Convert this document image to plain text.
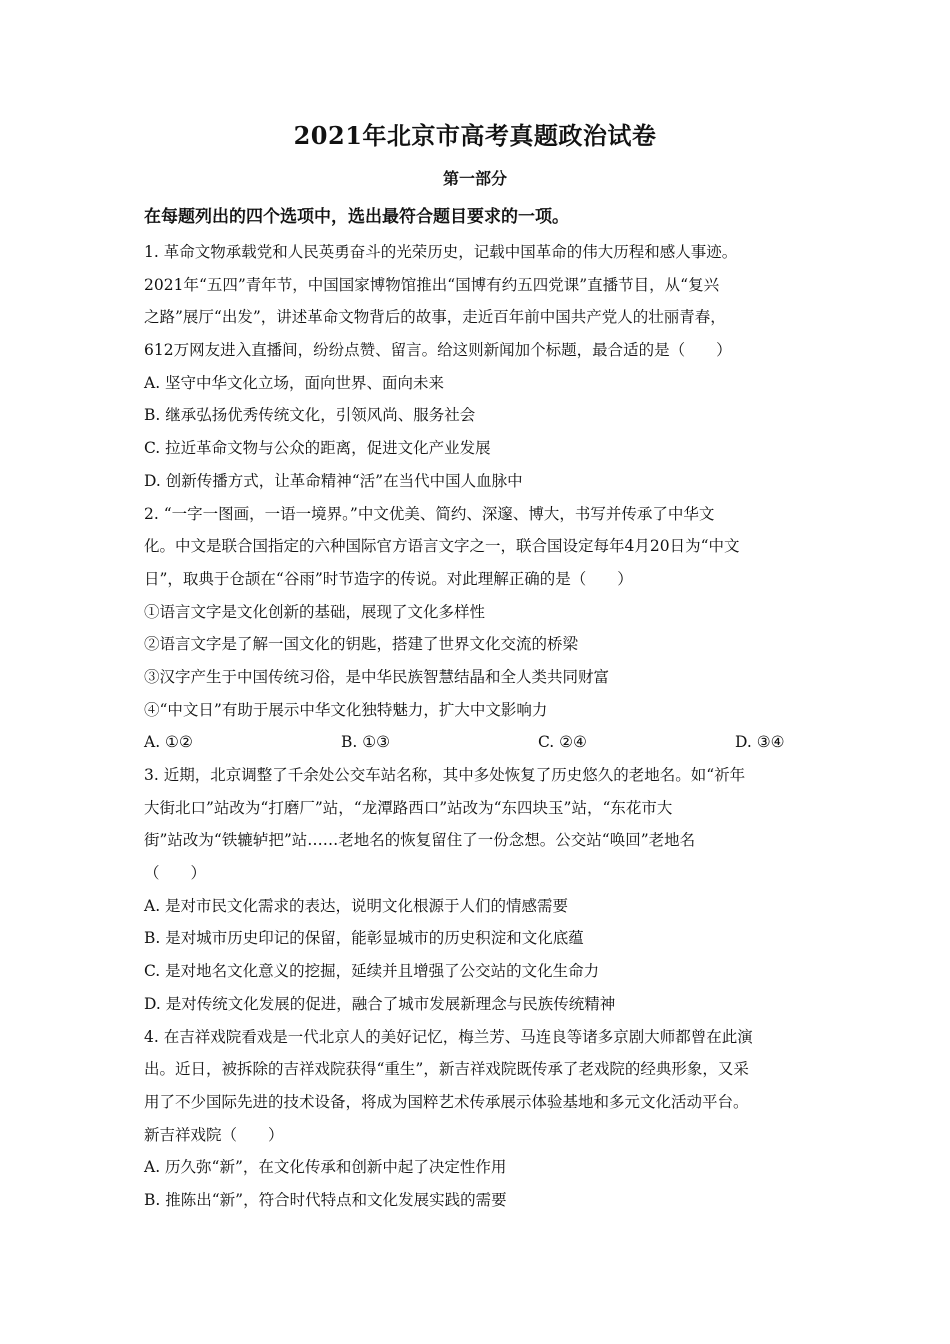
2021年北京市高考真题政治试卷
第一部分
在每题列出的四个选项中，选出最符合题目要求的一项。
1. 革命文物承载党和人民英勇奋斗的光荣历史，记载中国革命的伟大历程和感人事迹。
2021年“五四”青年节，中国国家博物馆推出“国博有约五四党课”直播节目，从“复兴
之路”展厅“出发”，讲述革命文物背后的故事，走近百年前中国共产党人的壮丽青春，
612万网友进入直播间，纷纷点赞、留言。给这则新闻加个标题，最合适的是（　　）
A. 坚守中华文化立场，面向世界、面向未来
B. 继承弘扬优秀传统文化，引领风尚、服务社会
C. 拉近革命文物与公众的距离，促进文化产业发展
D. 创新传播方式，让革命精神“活”在当代中国人血脉中
2. “一字一图画，一语一境界。”中文优美、简约、深邃、博大，书写并传承了中华文
化。中文是联合国指定的六种国际官方语言文字之一，联合国设定每年4月20日为“中文
日”，取典于仓颉在“谷雨”时节造字的传说。对此理解正确的是（　　）
①语言文字是文化创新的基础，展现了文化多样性
②语言文字是了解一国文化的钥匙，搭建了世界文化交流的桥梁
③汉字产生于中国传统习俗，是中华民族智慧结晶和全人类共同财富
④“中文日”有助于展示中华文化独特魅力，扩大中文影响力
A. ①②	B. ①③	C. ②④	D. ③④
3. 近期，北京调整了千余处公交车站名称，其中多处恢复了历史悠久的老地名。如“祈年
大街北口”站改为“打磨厂”站，“龙潭路西口”站改为“东四块玉”站，“东花市大
街”站改为“铁辘轳把”站……老地名的恢复留住了一份念想。公交站“唤回”老地名
（　　）
A. 是对市民文化需求的表达，说明文化根源于人们的情感需要
B. 是对城市历史印记的保留，能彰显城市的历史积淀和文化底蕴
C. 是对地名文化意义的挖掘，延续并且增强了公交站的文化生命力
D. 是对传统文化发展的促进，融合了城市发展新理念与民族传统精神
4. 在吉祥戏院看戏是一代北京人的美好记忆，梅兰芳、马连良等诸多京剧大师都曾在此演
出。近日，被拆除的吉祥戏院获得“重生”，新吉祥戏院既传承了老戏院的经典形象，又采
用了不少国际先进的技术设备，将成为国粹艺术传承展示体验基地和多元文化活动平台。
新吉祥戏院（　　）
A. 历久弥“新”，在文化传承和创新中起了决定性作用
B. 推陈出“新”，符合时代特点和文化发展实践的需要
